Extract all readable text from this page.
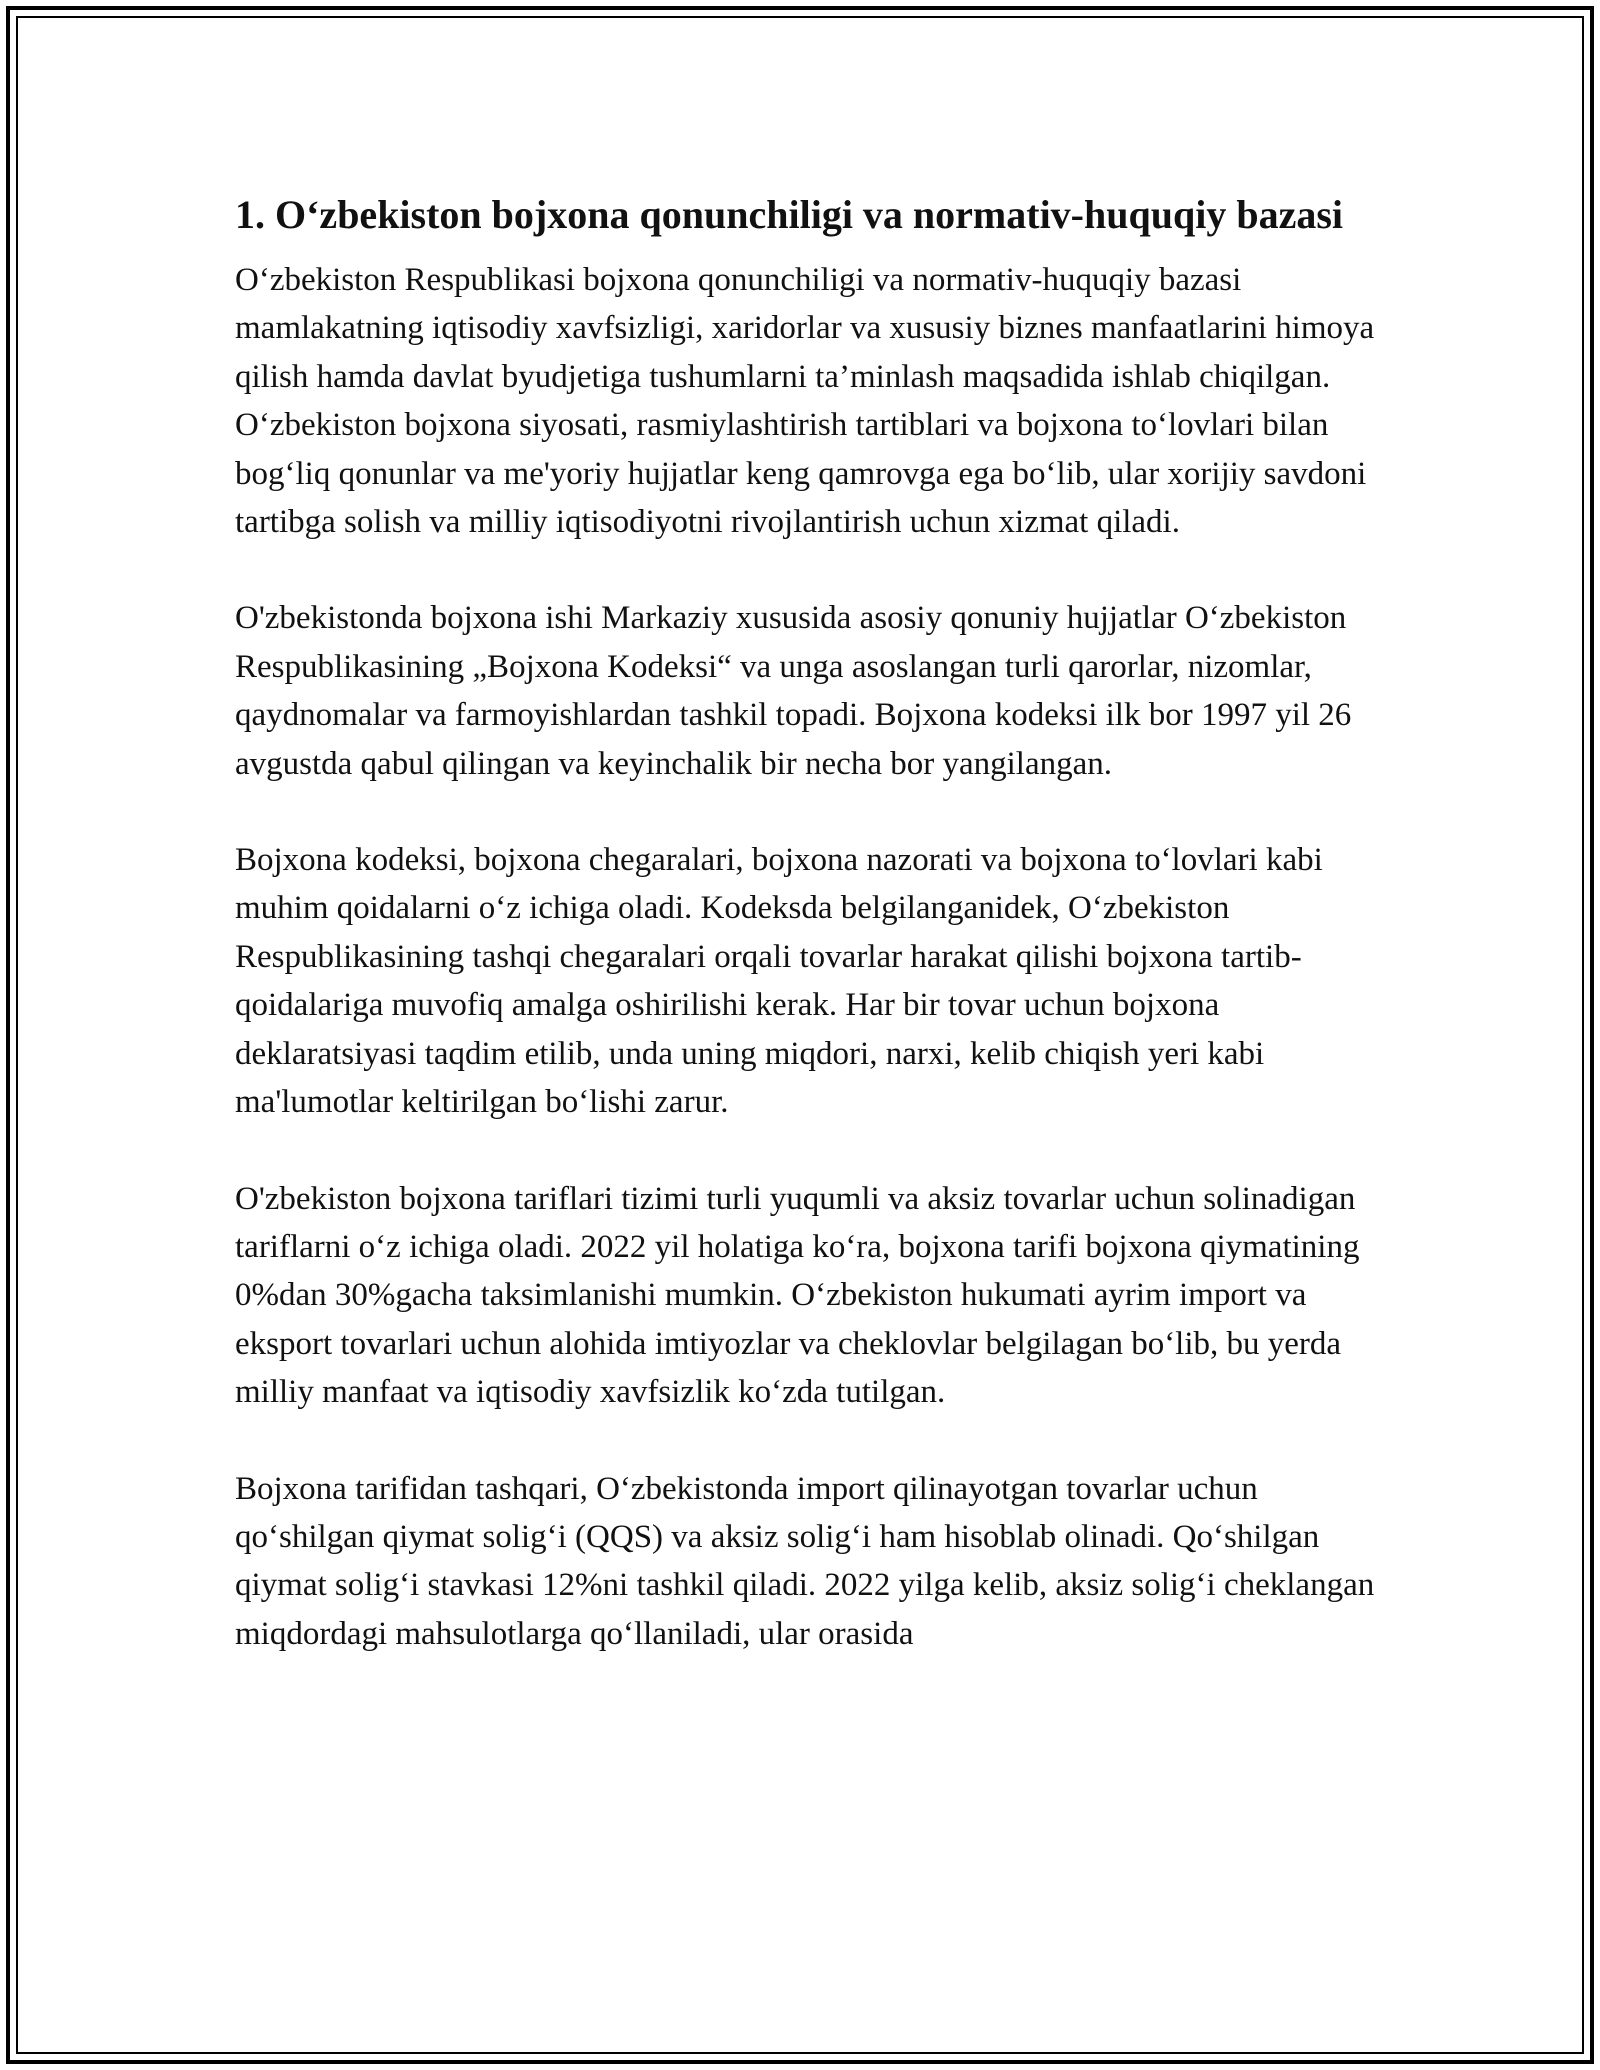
1. O‘zbekiston bojxona qonunchiligi va normativ-huquqiy bazasi

O‘zbekiston Respublikasi bojxona qonunchiligi va normativ-huquqiy bazasi mamlakatning iqtisodiy xavfsizligi, xaridorlar va xususiy biznes manfaatlarini himoya qilish hamda davlat byudjetiga tushumlarni ta’minlash maqsadida ishlab chiqilgan. O‘zbekiston bojxona siyosati, rasmiylashtirish tartiblari va bojxona to‘lovlari bilan bog‘liq qonunlar va me'yoriy hujjatlar keng qamrovga ega bo‘lib, ular xorijiy savdoni tartibga solish va milliy iqtisodiyotni rivojlantirish uchun xizmat qiladi.

O'zbekistonda bojxona ishi Markaziy xususida asosiy qonuniy hujjatlar O‘zbekiston Respublikasining „Bojxona Kodeksi“ va unga asoslangan turli qarorlar, nizomlar, qaydnomalar va farmoyishlardan tashkil topadi. Bojxona kodeksi ilk bor 1997 yil 26 avgustda qabul qilingan va keyinchalik bir necha bor yangilangan.

Bojxona kodeksi, bojxona chegaralari, bojxona nazorati va bojxona to‘lovlari kabi muhim qoidalarni o‘z ichiga oladi. Kodeksda belgilanganidek, O‘zbekiston Respublikasining tashqi chegaralari orqali tovarlar harakat qilishi bojxona tartib-qoidalariga muvofiq amalga oshirilishi kerak. Har bir tovar uchun bojxona deklaratsiyasi taqdim etilib, unda uning miqdori, narxi, kelib chiqish yeri kabi ma'lumotlar keltirilgan bo‘lishi zarur.

O'zbekiston bojxona tariflari tizimi turli yuqumli va aksiz tovarlar uchun solinadigan tariflarni o‘z ichiga oladi. 2022 yil holatiga ko‘ra, bojxona tarifi bojxona qiymatining 0%dan 30%gacha taksimlanishi mumkin. O‘zbekiston hukumati ayrim import va eksport tovarlari uchun alohida imtiyozlar va cheklovlar belgilagan bo‘lib, bu yerda milliy manfaat va iqtisodiy xavfsizlik ko‘zda tutilgan.

Bojxona tarifidan tashqari, O‘zbekistonda import qilinayotgan tovarlar uchun qo‘shilgan qiymat solig‘i (QQS) va aksiz solig‘i ham hisoblab olinadi. Qo‘shilgan qiymat solig‘i stavkasi 12%ni tashkil qiladi. 2022 yilga kelib, aksiz solig‘i cheklangan miqdordagi mahsulotlarga qo‘llaniladi, ular orasida
